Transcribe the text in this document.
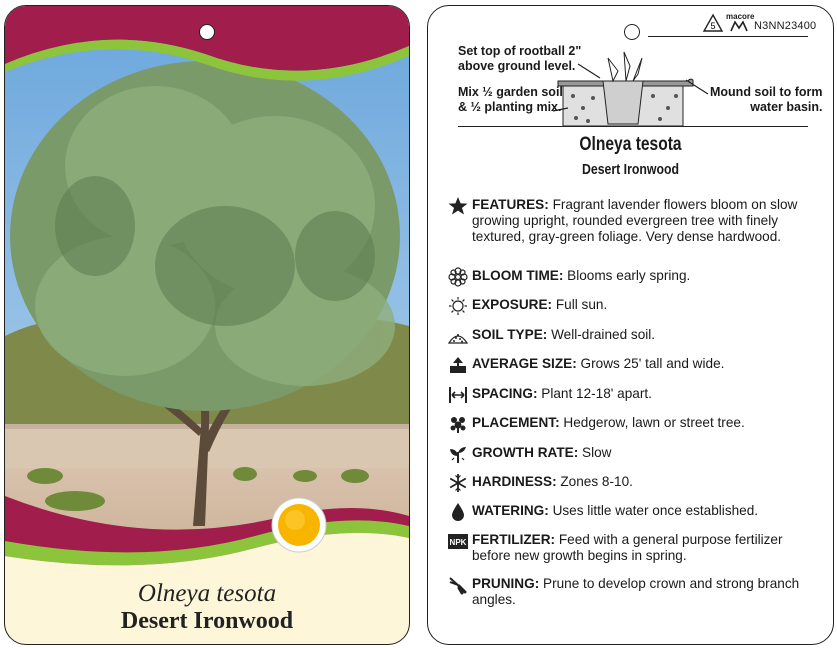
Olneya tesota
Desert Ironwood
5
macore
N3NN23400
Set top of rootball 2"
above ground level.
Mix ½ garden soil
& ½ planting mix.
Mound soil to form
water basin.
Olneya tesota
Desert Ironwood
FEATURES: Fragrant lavender flowers bloom on slow growing upright, rounded evergreen tree with finely textured, gray-green foliage. Very dense hardwood.
BLOOM TIME: Blooms early spring.
EXPOSURE: Full sun.
SOIL TYPE: Well-drained soil.
AVERAGE SIZE: Grows 25' tall and wide.
SPACING: Plant 12-18' apart.
PLACEMENT: Hedgerow, lawn or street tree.
GROWTH RATE: Slow
HARDINESS: Zones 8-10.
WATERING: Uses little water once established.
NPK FERTILIZER: Feed with a general purpose fertilizer before new growth begins in spring.
PRUNING: Prune to develop crown and strong branch angles.
